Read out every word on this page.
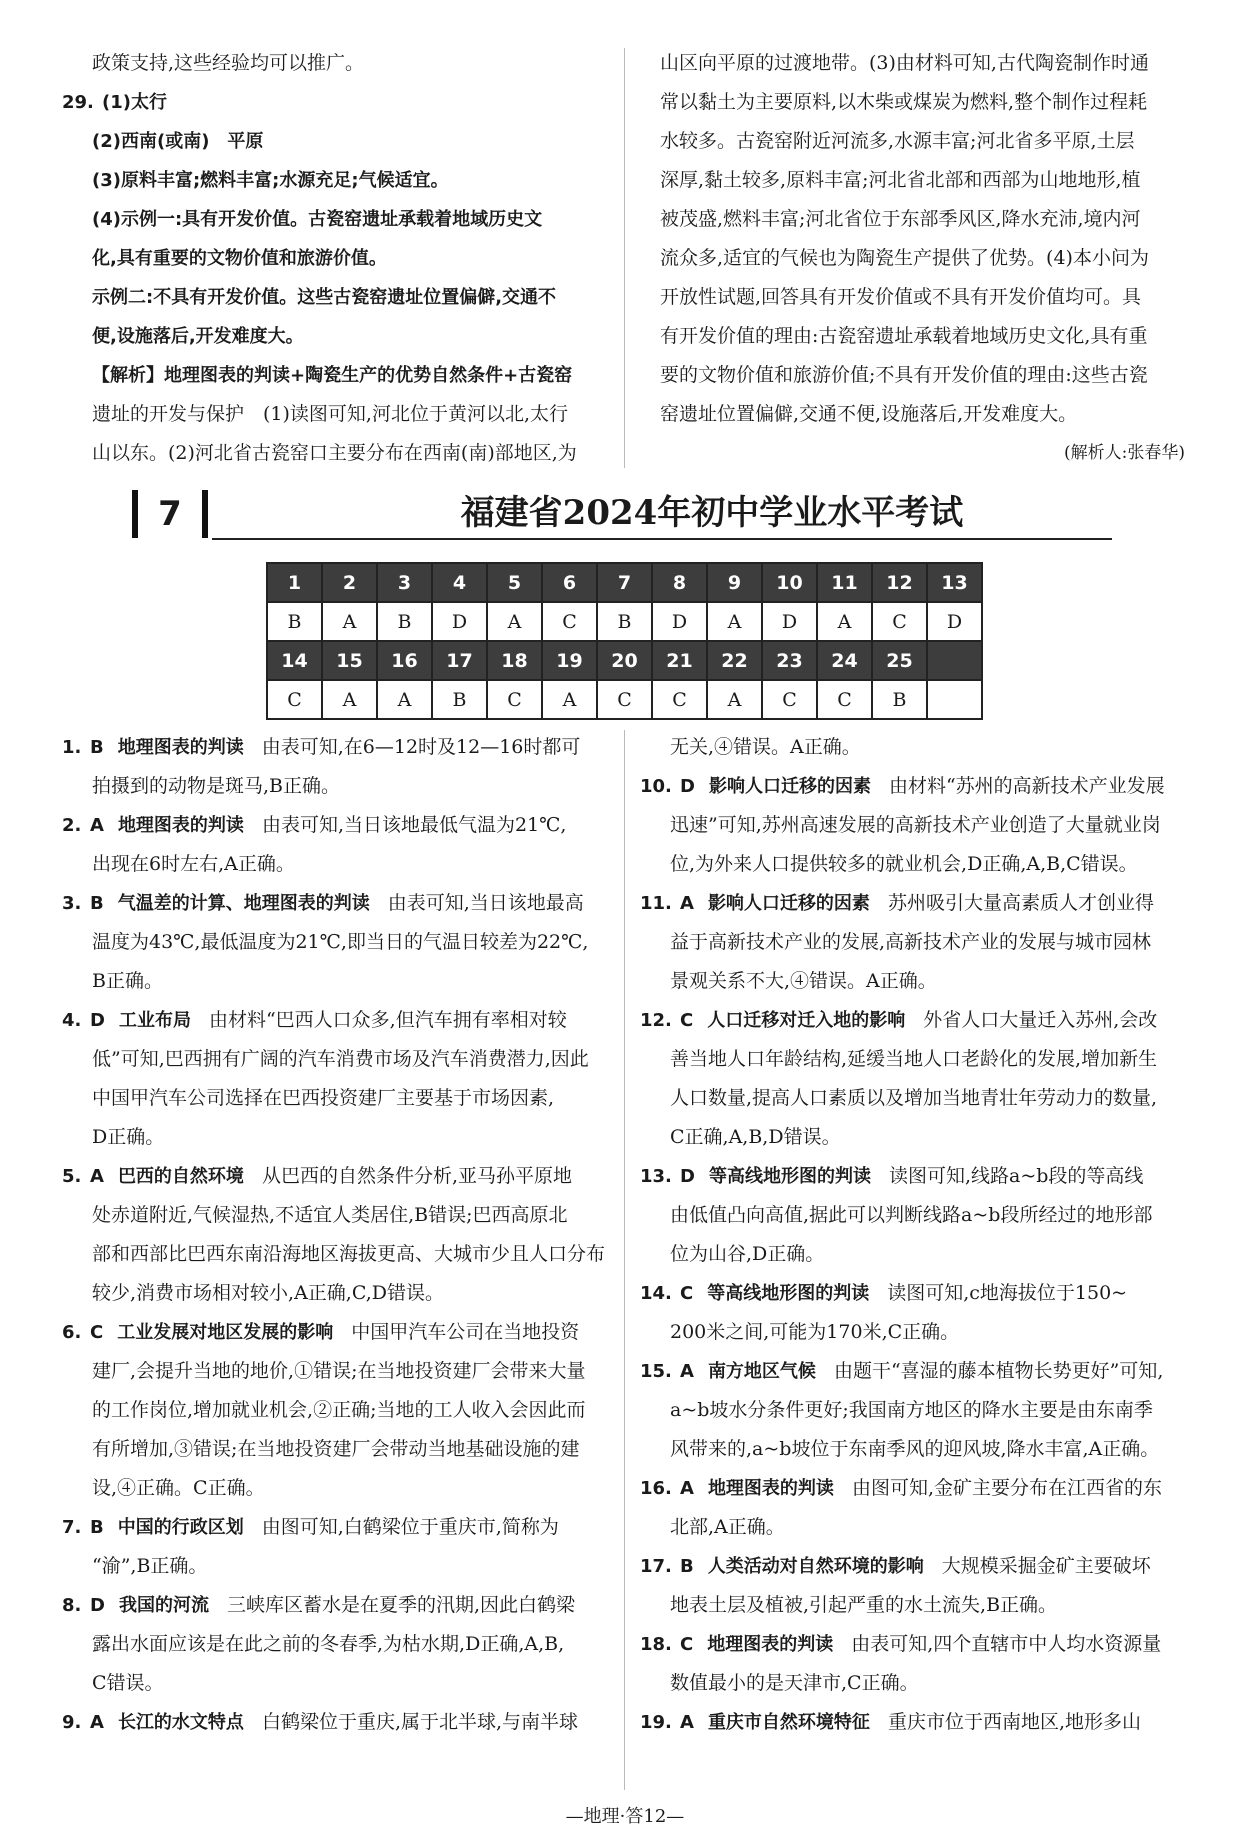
政策支持,这些经验均可以推广。

29. (1)太行

(2)西南(或南)　平原

(3)原料丰富;燃料丰富;水源充足;气候适宜。

(4)示例一:具有开发价值。古瓷窑遗址承载着地域历史文

化,具有重要的文物价值和旅游价值。

示例二:不具有开发价值。这些古瓷窑遗址位置偏僻,交通不

便,设施落后,开发难度大。

【解析】地理图表的判读+陶瓷生产的优势自然条件+古瓷窑

遗址的开发与保护　(1)读图可知,河北位于黄河以北,太行

山以东。(2)河北省古瓷窑口主要分布在西南(南)部地区,为

山区向平原的过渡地带。(3)由材料可知,古代陶瓷制作时通

常以黏土为主要原料,以木柴或煤炭为燃料,整个制作过程耗

水较多。古瓷窑附近河流多,水源丰富;河北省多平原,土层

深厚,黏土较多,原料丰富;河北省北部和西部为山地地形,植

被茂盛,燃料丰富;河北省位于东部季风区,降水充沛,境内河

流众多,适宜的气候也为陶瓷生产提供了优势。(4)本小问为

开放性试题,回答具有开发价值或不具有开发价值均可。具

有开发价值的理由:古瓷窑遗址承载着地域历史文化,具有重

要的文物价值和旅游价值;不具有开发价值的理由:这些古瓷

窑遗址位置偏僻,交通不便,设施落后,开发难度大。

(解析人:张春华)

7	福建省2024年初中学业水平考试
1	2	3	4	5	6	7	8	9	10	11	12	13
B	A	B	D	A	C	B	D	A	D	A	C	D
14	15	16	17	18	19	20	21	22	23	24	25	
C	A	A	B	C	A	C	C	A	C	C	B	

1. B 地理图表的判读 由表可知,在6—12时及12—16时都可

拍摄到的动物是斑马,B正确。

2. A 地理图表的判读 由表可知,当日该地最低气温为21℃,

出现在6时左右,A正确。

3. B 气温差的计算、地理图表的判读 由表可知,当日该地最高

温度为43℃,最低温度为21℃,即当日的气温日较差为22℃,

B正确。

4. D 工业布局 由材料“巴西人口众多,但汽车拥有率相对较

低”可知,巴西拥有广阔的汽车消费市场及汽车消费潜力,因此

中国甲汽车公司选择在巴西投资建厂主要基于市场因素,

D正确。

5. A 巴西的自然环境 从巴西的自然条件分析,亚马孙平原地

处赤道附近,气候湿热,不适宜人类居住,B错误;巴西高原北

部和西部比巴西东南沿海地区海拔更高、大城市少且人口分布

较少,消费市场相对较小,A正确,C,D错误。

6. C 工业发展对地区发展的影响 中国甲汽车公司在当地投资

建厂,会提升当地的地价,①错误;在当地投资建厂会带来大量

的工作岗位,增加就业机会,②正确;当地的工人收入会因此而

有所增加,③错误;在当地投资建厂会带动当地基础设施的建

设,④正确。C正确。

7. B 中国的行政区划 由图可知,白鹤梁位于重庆市,简称为

“渝”,B正确。

8. D 我国的河流 三峡库区蓄水是在夏季的汛期,因此白鹤梁

露出水面应该是在此之前的冬春季,为枯水期,D正确,A,B,

C错误。

9. A 长江的水文特点 白鹤梁位于重庆,属于北半球,与南半球

无关,④错误。A正确。

10. D 影响人口迁移的因素 由材料“苏州的高新技术产业发展

迅速”可知,苏州高速发展的高新技术产业创造了大量就业岗

位,为外来人口提供较多的就业机会,D正确,A,B,C错误。

11. A 影响人口迁移的因素 苏州吸引大量高素质人才创业得

益于高新技术产业的发展,高新技术产业的发展与城市园林

景观关系不大,④错误。A正确。

12. C 人口迁移对迁入地的影响 外省人口大量迁入苏州,会改

善当地人口年龄结构,延缓当地人口老龄化的发展,增加新生

人口数量,提高人口素质以及增加当地青壮年劳动力的数量,

C正确,A,B,D错误。

13. D 等高线地形图的判读 读图可知,线路a~b段的等高线

由低值凸向高值,据此可以判断线路a~b段所经过的地形部

位为山谷,D正确。

14. C 等高线地形图的判读 读图可知,c地海拔位于150~

200米之间,可能为170米,C正确。

15. A 南方地区气候 由题干“喜湿的藤本植物长势更好”可知,

a~b坡水分条件更好;我国南方地区的降水主要是由东南季

风带来的,a~b坡位于东南季风的迎风坡,降水丰富,A正确。

16. A 地理图表的判读 由图可知,金矿主要分布在江西省的东

北部,A正确。

17. B 人类活动对自然环境的影响 大规模采掘金矿主要破坏

地表土层及植被,引起严重的水土流失,B正确。

18. C 地理图表的判读 由表可知,四个直辖市中人均水资源量

数值最小的是天津市,C正确。

19. A 重庆市自然环境特征 重庆市位于西南地区,地形多山

—地理·答12—
